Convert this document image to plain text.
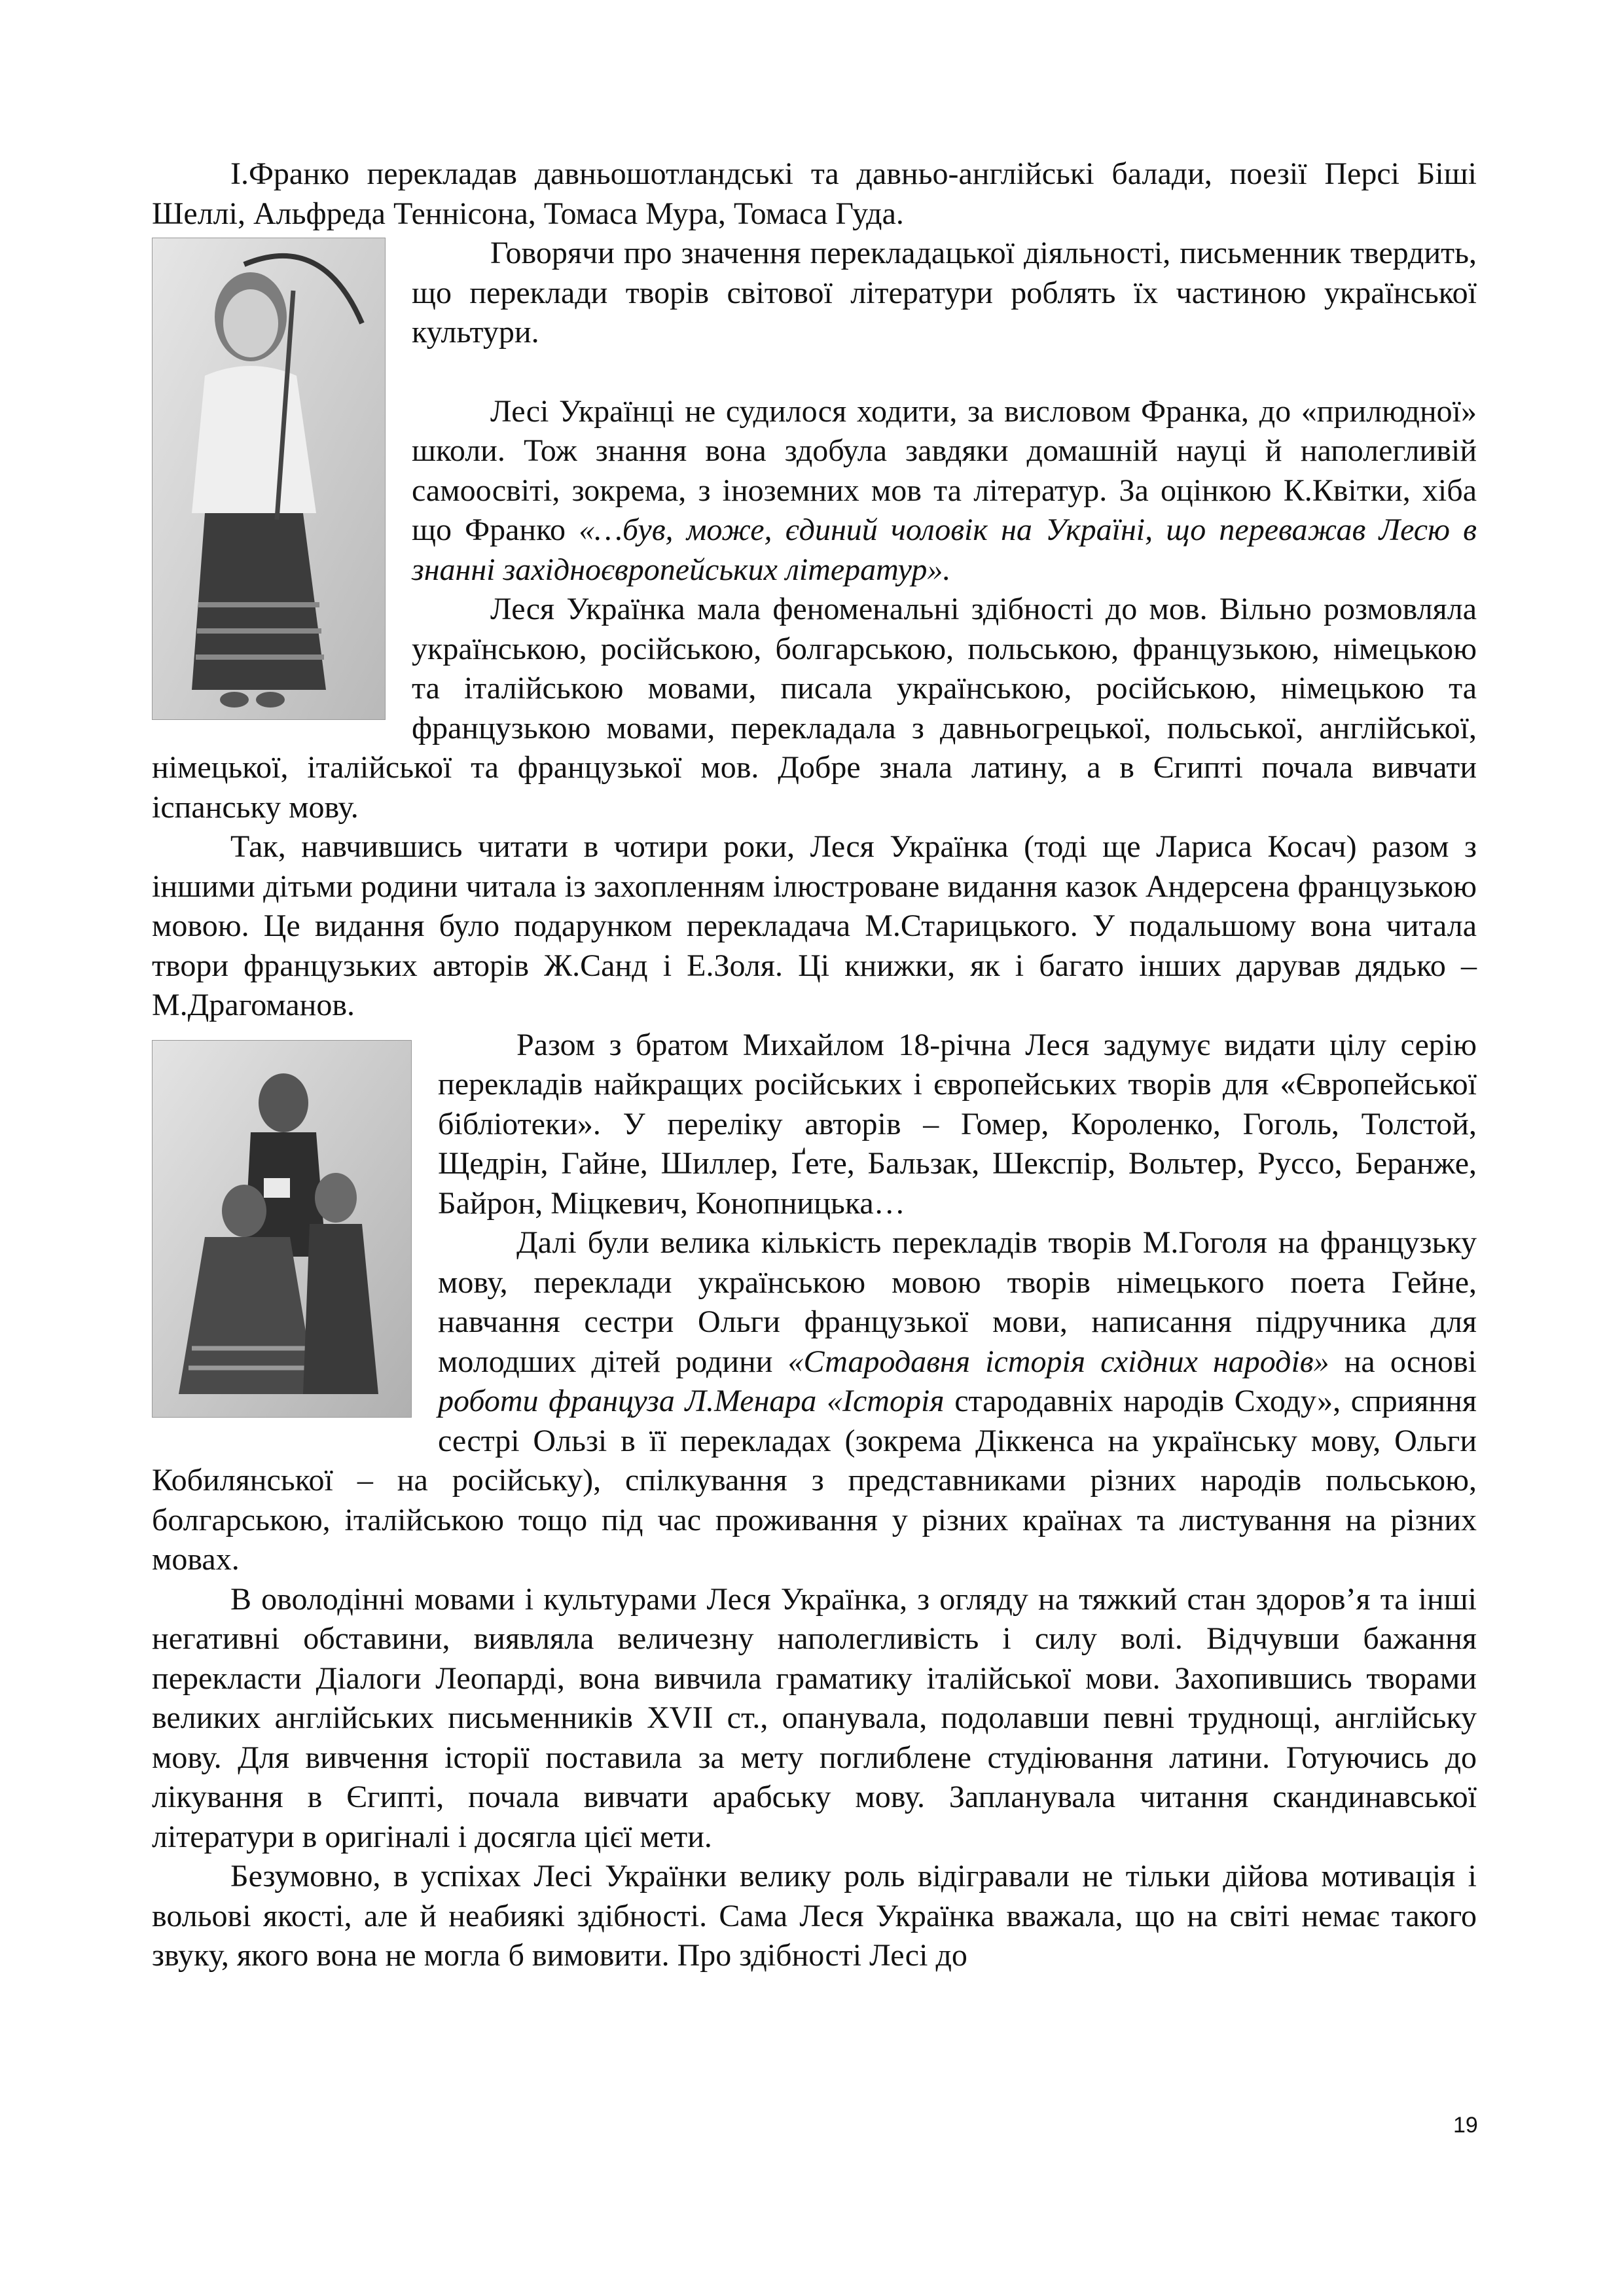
І.Франко перекладав давньошотландські та давньо-англійські балади, поезії Персі Біші Шеллі, Альфреда Теннісона, Томаса Мура, Томаса Гуда.

Говорячи про значення перекладацької діяльності, письменник твердить, що переклади творів світової літератури роблять їх частиною української культури.

Лесі Українці не судилося ходити, за висловом Франка, до «прилюдної» школи. Тож знання вона здобула завдяки домашній науці й наполегливій самоосвіті, зокрема, з іноземних мов та літератур. За оцінкою К.Квітки, хіба що Франко «…був, може, єдиний чоловік на Україні, що переважав Лесю в знанні західноєвропейських літератур».

Леся Українка мала феноменальні здібності до мов. Вільно розмовляла українською, російською, болгарською, польською, французькою, німецькою та італійською мовами, писала українською, російською, німецькою та французькою мовами, перекладала з давньогрецької, польської, англійської, німецької, італійської та французької мов. Добре знала латину, а в Єгипті почала вивчати іспанську мову.

Так, навчившись читати в чотири роки, Леся Українка (тоді ще Лариса Косач) разом з іншими дітьми родини читала із захопленням ілюстроване видання казок Андерсена французькою мовою. Це видання було подарунком перекладача М.Старицького. У подальшому вона читала твори французьких авторів Ж.Санд і Е.Золя. Ці книжки, як і багато інших дарував дядько – М.Драгоманов.

Разом з братом Михайлом 18-річна Леся задумує видати цілу серію перекладів найкращих російських і європейських творів для «Європейської бібліотеки». У переліку авторів – Гомер, Короленко, Гоголь, Толстой, Щедрін, Гайне, Шиллер, Ґете, Бальзак, Шекспір, Вольтер, Руссо, Беранже, Байрон, Міцкевич, Конопницька…

Далі були велика кількість перекладів творів М.Гоголя на французьку мову, переклади українською мовою творів німецького поета Гейне, навчання сестри Ольги французької мови, написання підручника для молодших дітей родини «Стародавня історія східних народів» на основі роботи француза Л.Менара «Історія стародавніх народів Сходу», сприяння сестрі Ользі в її перекладах (зокрема Діккенса на українську мову, Ольги Кобилянської – на російську), спілкування з представниками різних народів польською, болгарською, італійською тощо під час проживання у різних країнах та листування на різних мовах.

В оволодінні мовами і культурами Леся Українка, з огляду на тяжкий стан здоров’я та інші негативні обставини, виявляла величезну наполегливість і силу волі. Відчувши бажання перекласти Діалоги Леопарді, вона вивчила граматику італійської мови. Захопившись творами великих англійських письменників XVII ст., опанувала, подолавши певні труднощі, англійську мову. Для вивчення історії поставила за мету поглиблене студіювання латини. Готуючись до лікування в Єгипті, почала вивчати арабську мову. Запланувала читання скандинавської літератури в оригіналі і досягла цієї мети.

Безумовно, в успіхах Лесі Українки велику роль відігравали не тільки дійова мотивація і вольові якості, але й неабиякі здібності. Сама Леся Українка вважала, що на світі немає такого звуку, якого вона не могла б вимовити. Про здібності Лесі до

19
